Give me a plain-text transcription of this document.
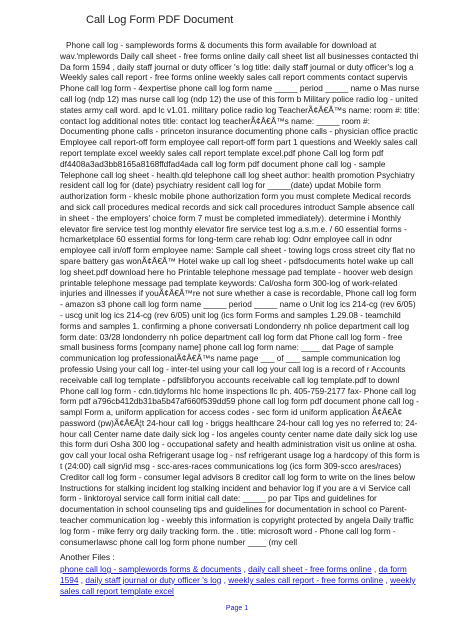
Call Log Form PDF Document
Phone call log - samplewords forms & documents this form available for download at wav.'mplewords Daily call sheet - free forms online daily call sheet list all businesses contacted thi Da form 1594 , daily staff journal or duty officer 's log title: daily staff journal or duty officer's log a Weekly sales call report - free forms online weekly sales call report comments contact supervis Phone call log form - 4expertise phone call log form name _____ period _____ name o Mas nurse call log (ndp 12) mas nurse call log (ndp 12) the use of this form b Military police radio log - united states army call word. apd lc v1.01. military police radio log TeacherÃ¢Â€Â™s name: room #: title: contact log additional notes title: contact log teacherÃ¢Â€Â™s name: _____ room #: Documenting phone calls - princeton insurance documenting phone calls - physician office practic Employee call report-off form employee call report-off form part 1 questions and Weekly sales call report template excel weekly sales call report template excel.pdf phone Call log form pdf df4408a3ad3bb8165a8168ffdfad4ada call log form pdf document phone call log - sample Telephone call log sheet - health.qld telephone call log sheet author: health promotion Psychiatry resident call log for (date) psychiatry resident call log for _____(date) updat Mobile form authorization form - kheslc mobile phone authorization form you must complete Medical records and sick call procedures medical records and sick call procedures introduct Sample absence call in sheet - the employers' choice form 7 must be completed immediately). determine i Monthly elevator fire service test log monthly elevator fire service test log a.s.m.e. / 60 essential forms - hcmarketplace 60 essential forms for long-term care rehab log: Odnr employee call in odnr employee call in/off form employee name: Sample call sheet - towing logs cross street city flat no spare battery gas wonÃ¢Â€Â™ Hotel wake up call log sheet - pdfsdocuments hotel wake up call log sheet.pdf download here ho Printable telephone message pad template - hoover web design printable telephone message pad template keywords: Cal/osha form 300-log of work-related injuries and illnesses if youÃ¢Â€Â™re not sure whether a case is recordable, Phone call log form - amazon s3 phone call log form name _____ period _____ name o Unit log ics 214-cg (rev 6/05) - uscg unit log ics 214-cg (rev 6/05) unit log (ics form Forms and samples 1.29.08 - teamchild forms and samples 1. confirming a phone conversati Londonderry nh police department call log form date: 03/28 londonderry nh police department call log form dat Phone call log form - free small business forms [company name] phone call log form name: ____ dat Page of sample communication log professionalÃ¢Â€Â™s name page ___ of ___ sample communication log professio Using your call log - inter-tel using your call log your call log is a record of r Accounts receivable call log template - pdfslibforyou accounts receivable call log template.pdf to downl Phone call log form - cdn.tidyforms hlc home inspections llc ph. 405-759-2177 fax- Phone call log form pdf a796cb412db31ba5b47af660f539dd59 phone call log form pdf document phone call log - sampl Form a, uniform application for access codes - sec form id uniform application Ã¢Â€Â¢ password (pw)Ã¢Â€Â¦t 24-hour call log - briggs healthcare 24-hour call log yes no referred to: 24-hour call Center name date daily sick log - los angeles county center name date daily sick log use this form duri Osha 300 log - occupational safety and health administration visit us online at osha. gov call your local osha Refrigerant usage log - nsf refrigerant usage log a hardcopy of this form is t (24:00) call sign/id msg - scc-ares-races communications log (ics form 309-scco ares/races) Creditor call log form - consumer legal advisors 8 creditor call log form to write on the lines below Instructions for stalking incident log stalking incident and behavior log if you are a vi Service call form - linktoroyal service call form initial call date: _____ po par Tips and guidelines for documentation in school counseling tips and guidelines for documentation in school co Parent-teacher communication log - weebly this information is copyright protected by angela Daily traffic log form - mike ferry org daily tracking form. the . title: microsoft word - Phone call log form - consumerlawsc phone call log form phone number ____ (my cell
Another Files :
phone call log - samplewords forms & documents , daily call sheet - free forms online , da form 1594 , daily staff journal or duty officer 's log , weekly sales call report - free forms online , weekly sales call report template excel
Page 1
